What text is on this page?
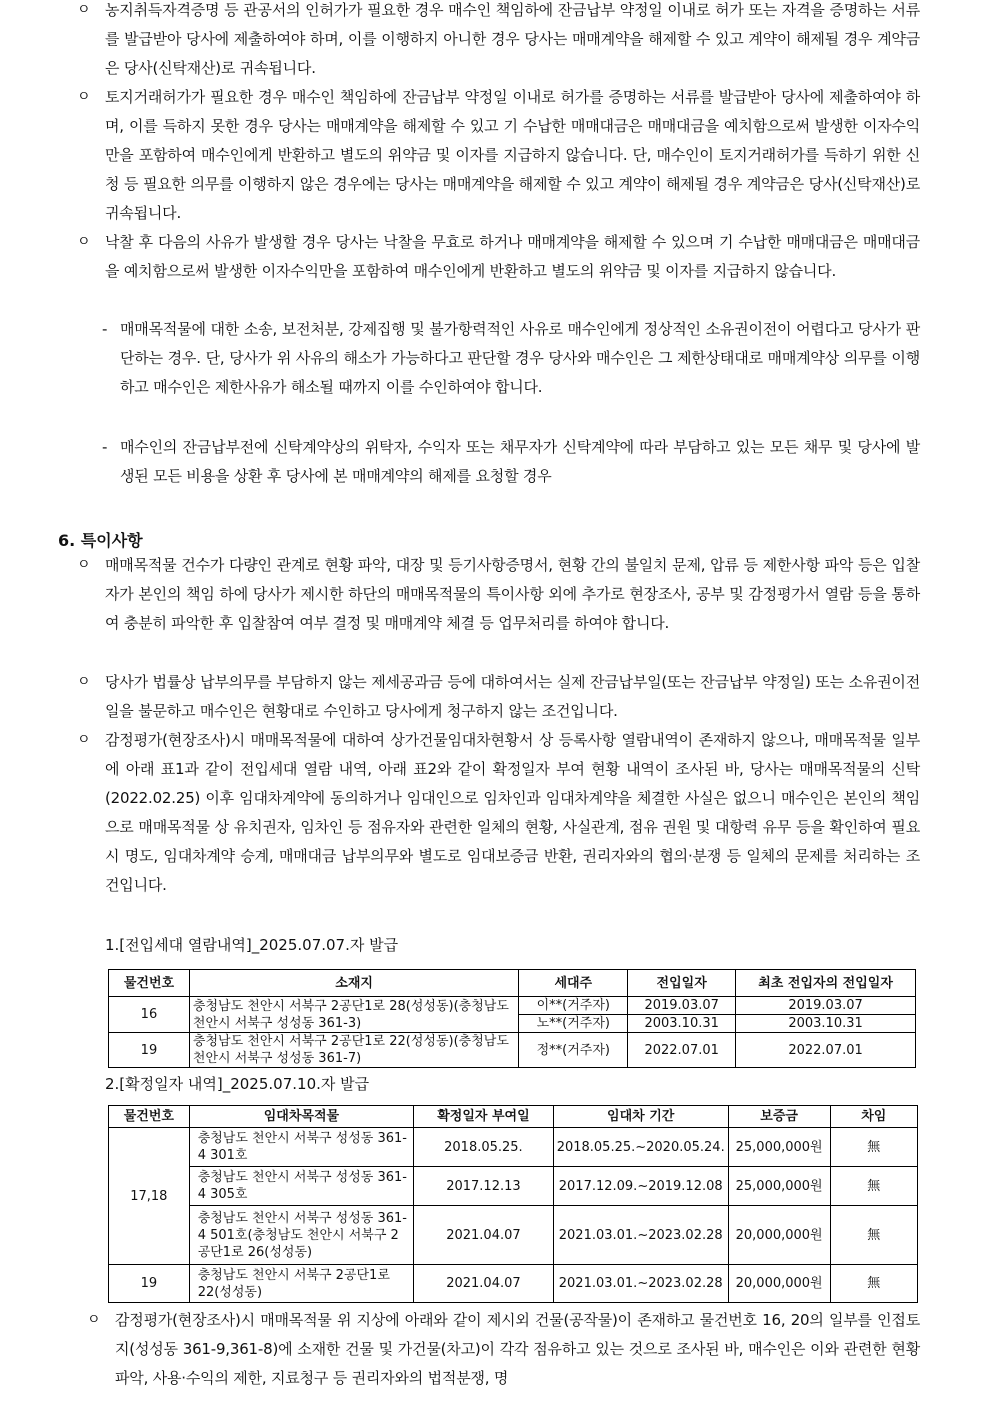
ㅇ 농지취득자격증명 등 관공서의 인허가가 필요한 경우 매수인 책임하에 잔금납부 약정일 이내로 허가 또는 자격을 증명하는 서류를 발급받아 당사에 제출하여야 하며, 이를 이행하지 아니한 경우 당사는 매매계약을 해제할 수 있고 계약이 해제될 경우 계약금은 당사(신탁재산)로 귀속됩니다.
ㅇ 토지거래허가가 필요한 경우 매수인 책임하에 잔금납부 약정일 이내로 허가를 증명하는 서류를 발급받아 당사에 제출하여야 하며, 이를 득하지 못한 경우 당사는 매매계약을 해제할 수 있고 기 수납한 매매대금은 매매대금을 예치함으로써 발생한 이자수익만을 포함하여 매수인에게 반환하고 별도의 위약금 및 이자를 지급하지 않습니다. 단, 매수인이 토지거래허가를 득하기 위한 신청 등 필요한 의무를 이행하지 않은 경우에는 당사는 매매계약을 해제할 수 있고 계약이 해제될 경우 계약금은 당사(신탁재산)로 귀속됩니다.
ㅇ 낙찰 후 다음의 사유가 발생할 경우 당사는 낙찰을 무효로 하거나 매매계약을 해제할 수 있으며 기 수납한 매매대금은 매매대금을 예치함으로써 발생한 이자수익만을 포함하여 매수인에게 반환하고 별도의 위약금 및 이자를 지급하지 않습니다.
- 매매목적물에 대한 소송, 보전처분, 강제집행 및 불가항력적인 사유로 매수인에게 정상적인 소유권이전이 어렵다고 당사가 판단하는 경우. 단, 당사가 위 사유의 해소가 가능하다고 판단할 경우 당사와 매수인은 그 제한상태대로 매매계약상 의무를 이행하고 매수인은 제한사유가 해소될 때까지 이를 수인하여야 합니다.
- 매수인의 잔금납부전에 신탁계약상의 위탁자, 수익자 또는 채무자가 신탁계약에 따라 부담하고 있는 모든 채무 및 당사에 발생된 모든 비용을 상환 후 당사에 본 매매계약의 해제를 요청할 경우
6. 특이사항
ㅇ 매매목적물 건수가 다량인 관계로 현황 파악, 대장 및 등기사항증명서, 현황 간의 불일치 문제, 압류 등 제한사항 파악 등은 입찰자가 본인의 책임 하에 당사가 제시한 하단의 매매목적물의 특이사항 외에 추가로 현장조사, 공부 및 감정평가서 열람 등을 통하여 충분히 파악한 후 입찰참여 여부 결정 및 매매계약 체결 등 업무처리를 하여야 합니다.
ㅇ 당사가 법률상 납부의무를 부담하지 않는 제세공과금 등에 대하여서는 실제 잔금납부일(또는 잔금납부 약정일) 또는 소유권이전일을 불문하고 매수인은 현황대로 수인하고 당사에게 청구하지 않는 조건입니다.
ㅇ 감정평가(현장조사)시 매매목적물에 대하여 상가건물임대차현황서 상 등록사항 열람내역이 존재하지 않으나, 매매목적물 일부에 아래 표1과 같이 전입세대 열람 내역, 아래 표2와 같이 확정일자 부여 현황 내역이 조사된 바, 당사는 매매목적물의 신탁(2022.02.25) 이후 임대차계약에 동의하거나 임대인으로 임차인과 임대차계약을 체결한 사실은 없으니 매수인은 본인의 책임으로 매매목적물 상 유치권자, 임차인 등 점유자와 관련한 일체의 현황, 사실관계, 점유 권원 및 대항력 유무 등을 확인하여 필요시 명도, 임대차계약 승계, 매매대금 납부의무와 별도로 임대보증금 반환, 권리자와의 협의·분쟁 등 일체의 문제를 처리하는 조건입니다.
1.[전입세대 열람내역]_2025.07.07.자 발급
물건번호	소재지	세대주	전입일자	최초 전입자의 전입일자
16	충청남도 천안시 서북구 2공단1로 28(성성동)(충청남도 천안시 서북구 성성동 361-3)	이**(거주자)	2019.03.07	2019.03.07
		노**(거주자)	2003.10.31	2003.10.31
19	충청남도 천안시 서북구 2공단1로 22(성성동)(충청남도 천안시 서북구 성성동 361-7)	정**(거주자)	2022.07.01	2022.07.01
2.[확정일자 내역]_2025.07.10.자 발급
물건번호	임대차목적물	확정일자 부여일	임대차 기간	보증금	차임
17,18	충청남도 천안시 서북구 성성동 361-4 301호	2018.05.25.	2018.05.25.~2020.05.24.	25,000,000원	無
	충청남도 천안시 서북구 성성동 361-4 305호	2017.12.13	2017.12.09.~2019.12.08	25,000,000원	無
	충청남도 천안시 서북구 성성동 361-4 501호(충청남도 천안시 서북구 2공단1로 26(성성동)	2021.04.07	2021.03.01.~2023.02.28	20,000,000원	無
19	충청남도 천안시 서북구 2공단1로 22(성성동)	2021.04.07	2021.03.01.~2023.02.28	20,000,000원	無
ㅇ 감정평가(현장조사)시 매매목적물 위 지상에 아래와 같이 제시외 건물(공작물)이 존재하고 물건번호 16, 20의 일부를 인접토지(성성동 361-9,361-8)에 소재한 건물 및 가건물(차고)이 각각 점유하고 있는 것으로 조사된 바, 매수인은 이와 관련한 현황파악, 사용·수익의 제한, 지료청구 등 권리자와의 법적분쟁, 명
